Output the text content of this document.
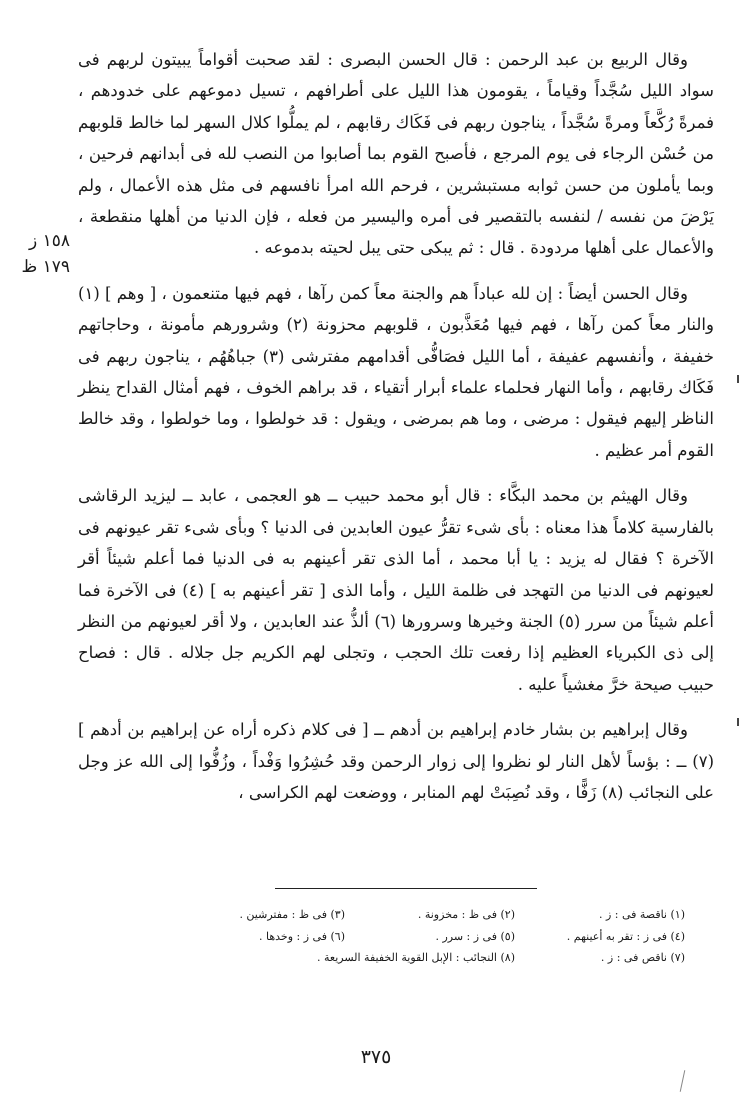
١٥٨ ز
١٧٩ ظ

وقال الربيع بن عبد الرحمن : قال الحسن البصرى : لقد صحبت أقواماً يبيتون لربهم فى سواد الليل سُجَّداً وقياماً ، يقومون هذا الليل على أطرافهم ، تسيل دموعهم على خدودهم ، فمرةً رُكَّعاً ومرةً سُجَّداً ، يناجون ربهم فى فَكَاك رقابهم ، لم يملُّوا كلال السهر لما خالط قلوبهم من حُسْن الرجاء فى يوم المرجع ، فأصبح القوم بما أصابوا من النصب لله فى أبدانهم فرحين ، وبما يأملون من حسن ثوابه مستبشرين ، فرحم الله امرأ نافسهم فى مثل هذه الأعمال ، ولم يَرْضَ من نفسه / لنفسه بالتقصير فى أمره واليسير من فعله ، فإن الدنيا من أهلها منقطعة ، والأعمال على أهلها مردودة . قال : ثم يبكى حتى يبل لحيته بدموعه .

وقال الحسن أيضاً : إن لله عباداً هم والجنة معاً كمن رآها ، فهم فيها متنعمون ، [ وهم ] (١) والنار معاً كمن رآها ، فهم فيها مُعَذَّبون ، قلوبهم محزونة (٢) وشرورهم مأمونة ، وحاجاتهم خفيفة ، وأنفسهم عفيفة ، أما الليل فصَافُّى أقدامهم مفترشى (٣) جباهُهُم ، يناجون ربهم فى فَكَاك رقابهم ، وأما النهار فحلماء علماء أبرار أتقياء ، قد براهم الخوف ، فهم أمثال القداح ينظر الناظر إليهم فيقول : مرضى ، وما هم بمرضى ، ويقول : قد خولطوا ، وما خولطوا ، وقد خالط القوم أمر عظيم .

وقال الهيثم بن محمد البكَّاء : قال أبو محمد حبيب ــ هو العجمى ، عابد ــ ليزيد الرقاشى بالفارسية كلاماً هذا معناه : بأى شىء تقرُّ عيون العابدين فى الدنيا ؟ وبأى شىء تقر عيونهم فى الآخرة ؟ فقال له يزيد : يا أبا محمد ، أما الذى تقر أعينهم به فى الدنيا فما أعلم شيئاً أقر لعيونهم فى الدنيا من التهجد فى ظلمة الليل ، وأما الذى [ تقر أعينهم به ] (٤) فى الآخرة فما أعلم شيئاً من سرر (٥) الجنة وخيرها وسرورها (٦) ألذُّ عند العابدين ، ولا أقر لعيونهم من النظر إلى ذى الكبرياء العظيم إذا رفعت تلك الحجب ، وتجلى لهم الكريم جل جلاله . قال : فصاح حبيب صيحة خرَّ مغشياً عليه .

وقال إبراهيم بن بشار خادم إبراهيم بن أدهم ــ [ فى كلام ذكره أراه عن إبراهيم بن أدهم ] (٧) ــ : بؤساً لأهل النار لو نظروا إلى زوار الرحمن وقد حُشِرُوا وَفْداً ، وزُفُّوا إلى الله عز وجل على النجائب (٨) زَفًّا ، وقد نُصِبَتْ لهم المنابر ، ووضعت لهم الكراسى ،

(١) ناقصة فى : ز .
(٢) فى ظ : مخزونة .
(٣) فى ظ : مفترشين .
(٤) فى ز : تقر به أعينهم .
(٥) فى ز : سرر .
(٦) فى ز : وخدها .
(٧) ناقص فى : ز .
(٨) النجائب : الإبل القوية الخفيفة السريعة .
٣٧٥
